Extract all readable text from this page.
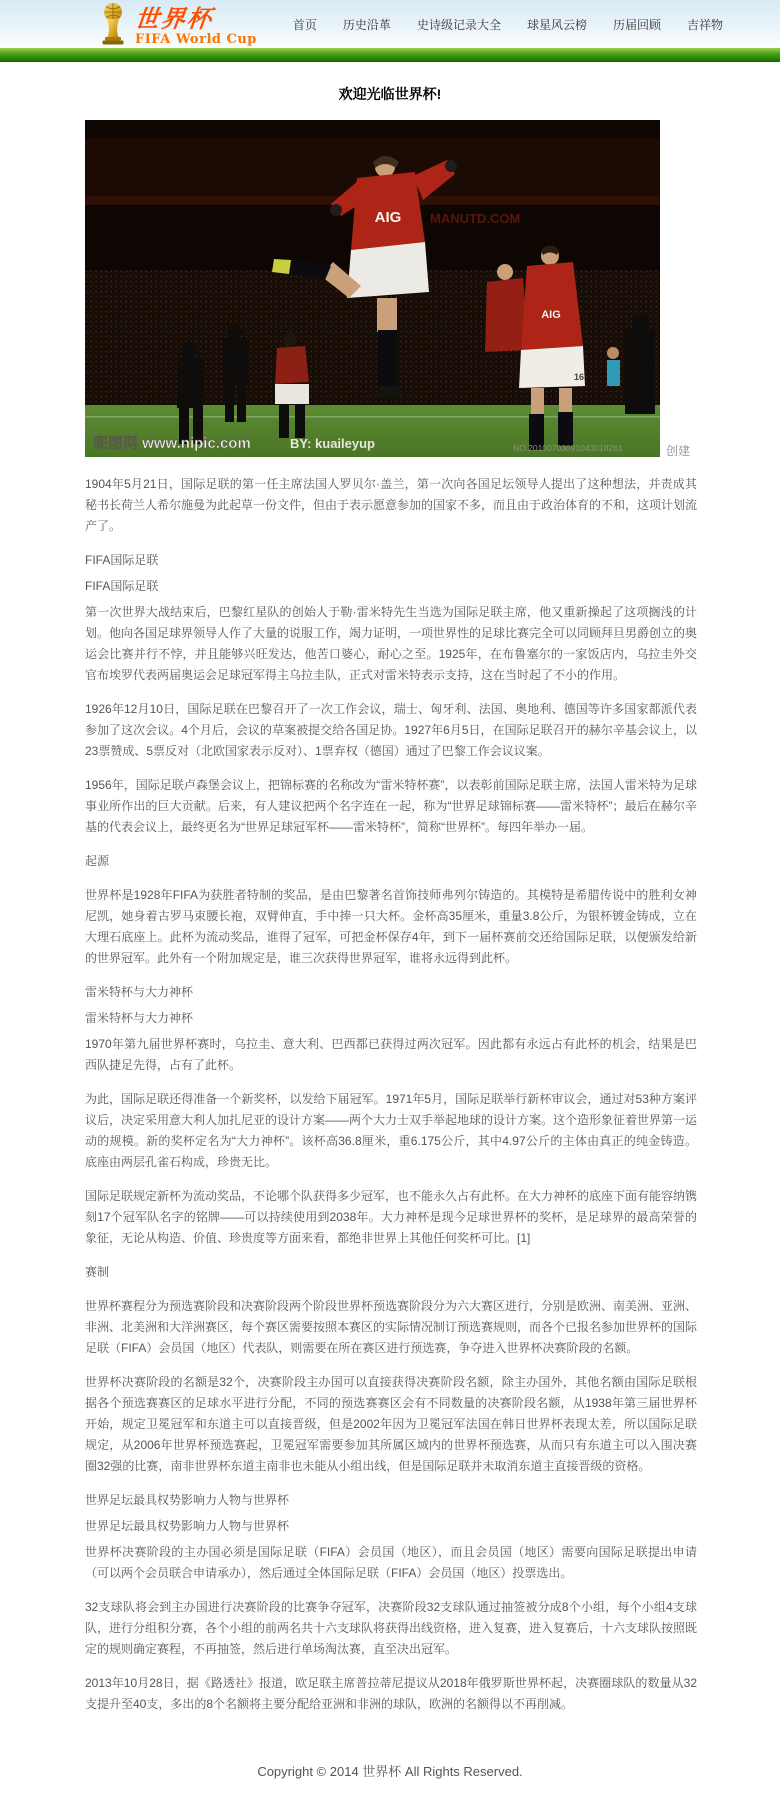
世界杯
FIFA World Cup
首页 历史沿革 史诗级记录大全 球星风云榜 历届回顾 吉祥物
欢迎光临世界杯!
MANUTD.COM
AIG
16
AIG
昵图网 www.nipic.com	BY: kuaileyup	NO.20100703091043018261	创建

1904年5月21日，国际足联的第一任主席法国人罗贝尔·盖兰，第一次向各国足坛领导人提出了这种想法，并责成其秘书长荷兰人希尔施曼为此起草一份文件，但由于表示愿意参加的国家不多，而且由于政治体育的不和，这项计划流产了。

FIFA国际足联

FIFA国际足联

第一次世界大战结束后，巴黎红星队的创始人于勒·雷米特先生当选为国际足联主席，他又重新操起了这项搁浅的计划。他向各国足球界领导人作了大量的说服工作，竭力证明，一项世界性的足球比赛完全可以同顾拜旦男爵创立的奥运会比赛并行不悖，并且能够兴旺发达，他苦口婆心，耐心之至。1925年，在布鲁塞尔的一家饭店内，乌拉圭外交官布埃罗代表两届奥运会足球冠军得主乌拉圭队，正式对雷米特表示支持，这在当时起了不小的作用。

1926年12月10日，国际足联在巴黎召开了一次工作会议，瑞士、匈牙利、法国、奥地利、德国等许多国家都派代表参加了这次会议。4个月后，会议的草案被提交给各国足协。1927年6月5日，在国际足联召开的赫尔辛基会议上，以23票赞成、5票反对（北欧国家表示反对）、1票弃权（德国）通过了巴黎工作会议议案。

1956年，国际足联卢森堡会议上，把锦标赛的名称改为“雷米特杯赛”，以表彰前国际足联主席，法国人雷米特为足球事业所作出的巨大贡献。后来，有人建议把两个名字连在一起，称为“世界足球锦标赛——雷米特杯”；最后在赫尔辛基的代表会议上，最终更名为“世界足球冠军杯——雷米特杯”，简称“世界杯”。每四年举办一届。

起源

世界杯是1928年FIFA为获胜者特制的奖品，是由巴黎著名首饰技师弗列尔铸造的。其模特是希腊传说中的胜利女神尼凯，她身着古罗马束腰长袍，双臂伸直，手中捧一只大杯。金杯高35厘米，重量3.8公斤，为银杯镀金铸成，立在大理石底座上。此杯为流动奖品，谁得了冠军，可把金杯保存4年，到下一届杯赛前交还给国际足联，以便颁发给新的世界冠军。此外有一个附加规定是，谁三次获得世界冠军，谁将永远得到此杯。

雷米特杯与大力神杯

雷米特杯与大力神杯

1970年第九届世界杯赛时，乌拉圭、意大利、巴西都已获得过两次冠军。因此都有永远占有此杯的机会，结果是巴西队捷足先得，占有了此杯。

为此，国际足联还得准备一个新奖杯，以发给下届冠军。1971年5月，国际足联举行新杯审议会，通过对53种方案评议后，决定采用意大利人加扎尼亚的设计方案——两个大力士双手举起地球的设计方案。这个造形象征着世界第一运动的规模。新的奖杯定名为“大力神杯”。该杯高36.8厘米，重6.175公斤，其中4.97公斤的主体由真正的纯金铸造。底座由两层孔雀石构成，珍贵无比。

国际足联规定新杯为流动奖品，不论哪个队获得多少冠军，也不能永久占有此杯。在大力神杯的底座下面有能容纳镌刻17个冠军队名字的铭牌——可以持续使用到2038年。大力神杯是现今足球世界杯的奖杯，是足球界的最高荣誉的象征，无论从构造、价值、珍贵度等方面来看，都绝非世界上其他任何奖杯可比。[1]

赛制

世界杯赛程分为预选赛阶段和决赛阶段两个阶段世界杯预选赛阶段分为六大赛区进行，分别是欧洲、南美洲、亚洲、非洲、北美洲和大洋洲赛区，每个赛区需要按照本赛区的实际情况制订预选赛规则，而各个已报名参加世界杯的国际足联（FIFA）会员国（地区）代表队，则需要在所在赛区进行预选赛，争夺进入世界杯决赛阶段的名额。

世界杯决赛阶段的名额是32个，决赛阶段主办国可以直接获得决赛阶段名额，除主办国外，其他名额由国际足联根据各个预选赛赛区的足球水平进行分配，不同的预选赛赛区会有不同数量的决赛阶段名额，从1938年第三届世界杯开始，规定卫冕冠军和东道主可以直接晋级，但是2002年因为卫冕冠军法国在韩日世界杯表现太差，所以国际足联规定，从2006年世界杯预选赛起，卫冕冠军需要参加其所属区域内的世界杯预选赛，从而只有东道主可以入围决赛圈32强的比赛，南非世界杯东道主南非也未能从小组出线，但是国际足联并未取消东道主直接晋级的资格。

世界足坛最具权势影响力人物与世界杯

世界足坛最具权势影响力人物与世界杯

世界杯决赛阶段的主办国必须是国际足联（FIFA）会员国（地区），而且会员国（地区）需要向国际足联提出申请（可以两个会员联合申请承办），然后通过全体国际足联（FIFA）会员国（地区）投票选出。

32支球队将会到主办国进行决赛阶段的比赛争夺冠军，决赛阶段32支球队通过抽签被分成8个小组，每个小组4支球队，进行分组积分赛，各个小组的前两名共十六支球队将获得出线资格，进入复赛，进入复赛后，十六支球队按照既定的规则确定赛程，不再抽签，然后进行单场淘汰赛，直至决出冠军。

2013年10月28日，据《路透社》报道，欧足联主席普拉蒂尼提议从2018年俄罗斯世界杯起，决赛圈球队的数量从32支提升至40支，多出的8个名额将主要分配给亚洲和非洲的球队，欧洲的名额得以不再削减。

Copyright © 2014 世界杯 All Rights Reserved.
